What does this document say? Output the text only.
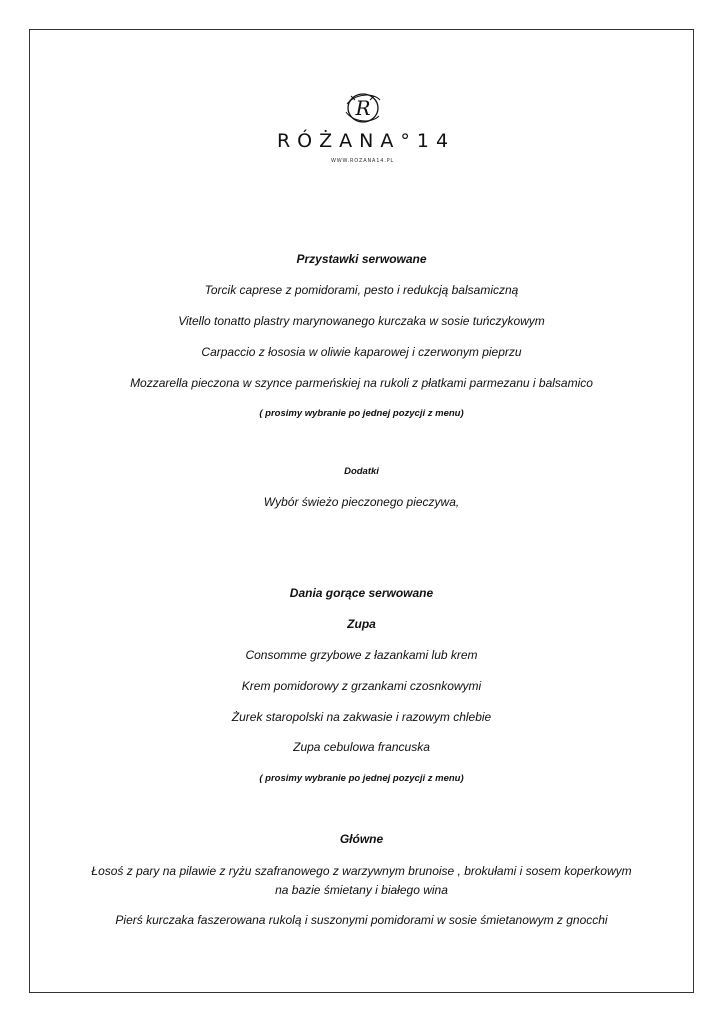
R
RÓŻANA°14
WWW.ROZANA14.PL
Przystawki serwowane
Torcik caprese z pomidorami, pesto i redukcją balsamiczną
Vitello tonatto plastry marynowanego kurczaka w sosie tuńczykowym
Carpaccio z łososia w oliwie kaparowej i czerwonym pieprzu
Mozzarella pieczona w szynce parmeńskiej na rukoli z płatkami parmezanu i balsamico
( prosimy wybranie po jednej pozycji z menu)
Dodatki
Wybór świeżo pieczonego pieczywa,
Dania gorące serwowane
Zupa
Consomme grzybowe z łazankami lub krem
Krem pomidorowy z grzankami czosnkowymi
Żurek staropolski na zakwasie i razowym chlebie
Zupa cebulowa francuska
( prosimy wybranie po jednej pozycji z menu)
Główne
Łosoś z pary na pilawie z ryżu szafranowego z warzywnym brunoise , brokułami i sosem koperkowym na bazie śmietany i białego wina
Pierś kurczaka faszerowana rukolą i suszonymi pomidorami w sosie śmietanowym z gnocchi
